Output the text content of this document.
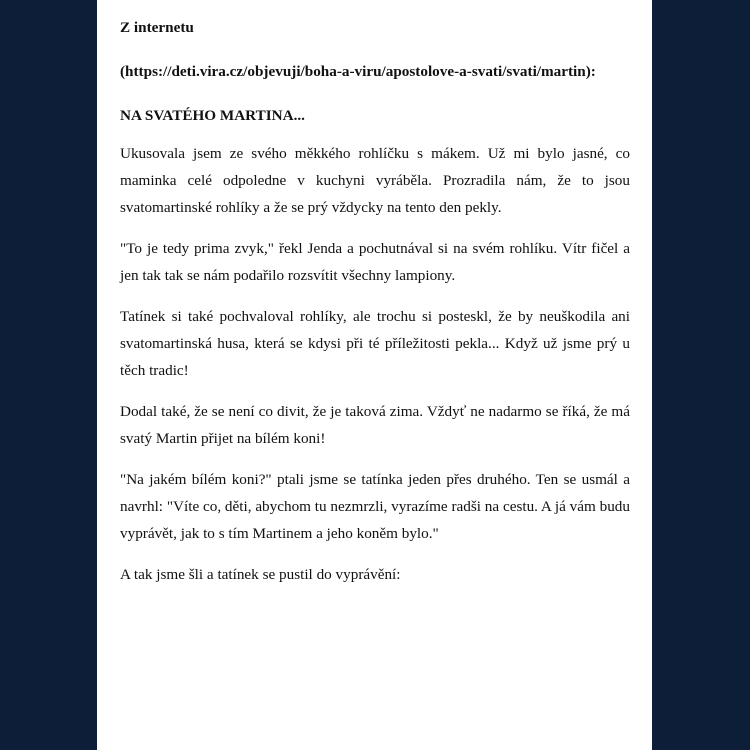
Z internetu

(https://deti.vira.cz/objevuji/boha-a-viru/apostolove-a-svati/svati/martin):

NA SVATÉHO MARTINA...

Ukusovala jsem ze svého měkkého rohlíčku s mákem. Už mi bylo jasné, co maminka celé odpoledne v kuchyni vyráběla. Prozradila nám, že to jsou svatomartinské rohlíky a že se prý vždycky na tento den pekly.

"To je tedy prima zvyk," řekl Jenda a pochutnával si na svém rohlíku. Vítr fičel a jen tak tak se nám podařilo rozsvítit všechny lampiony.

Tatínek si také pochvaloval rohlíky, ale trochu si posteskl, že by neuškodila ani svatomartinská husa, která se kdysi při té příležitosti pekla... Když už jsme prý u těch tradic!

Dodal také, že se není co divit, že je taková zima. Vždyť ne nadarmo se říká, že má svatý Martin přijet na bílém koni!

"Na jakém bílém koni?" ptali jsme se tatínka jeden přes druhého. Ten se usmál a navrhl: "Víte co, děti, abychom tu nezmrzli, vyrazíme radši na cestu. A já vám budu vyprávět, jak to s tím Martinem a jeho koněm bylo."

A tak jsme šli a tatínek se pustil do vyprávění:
